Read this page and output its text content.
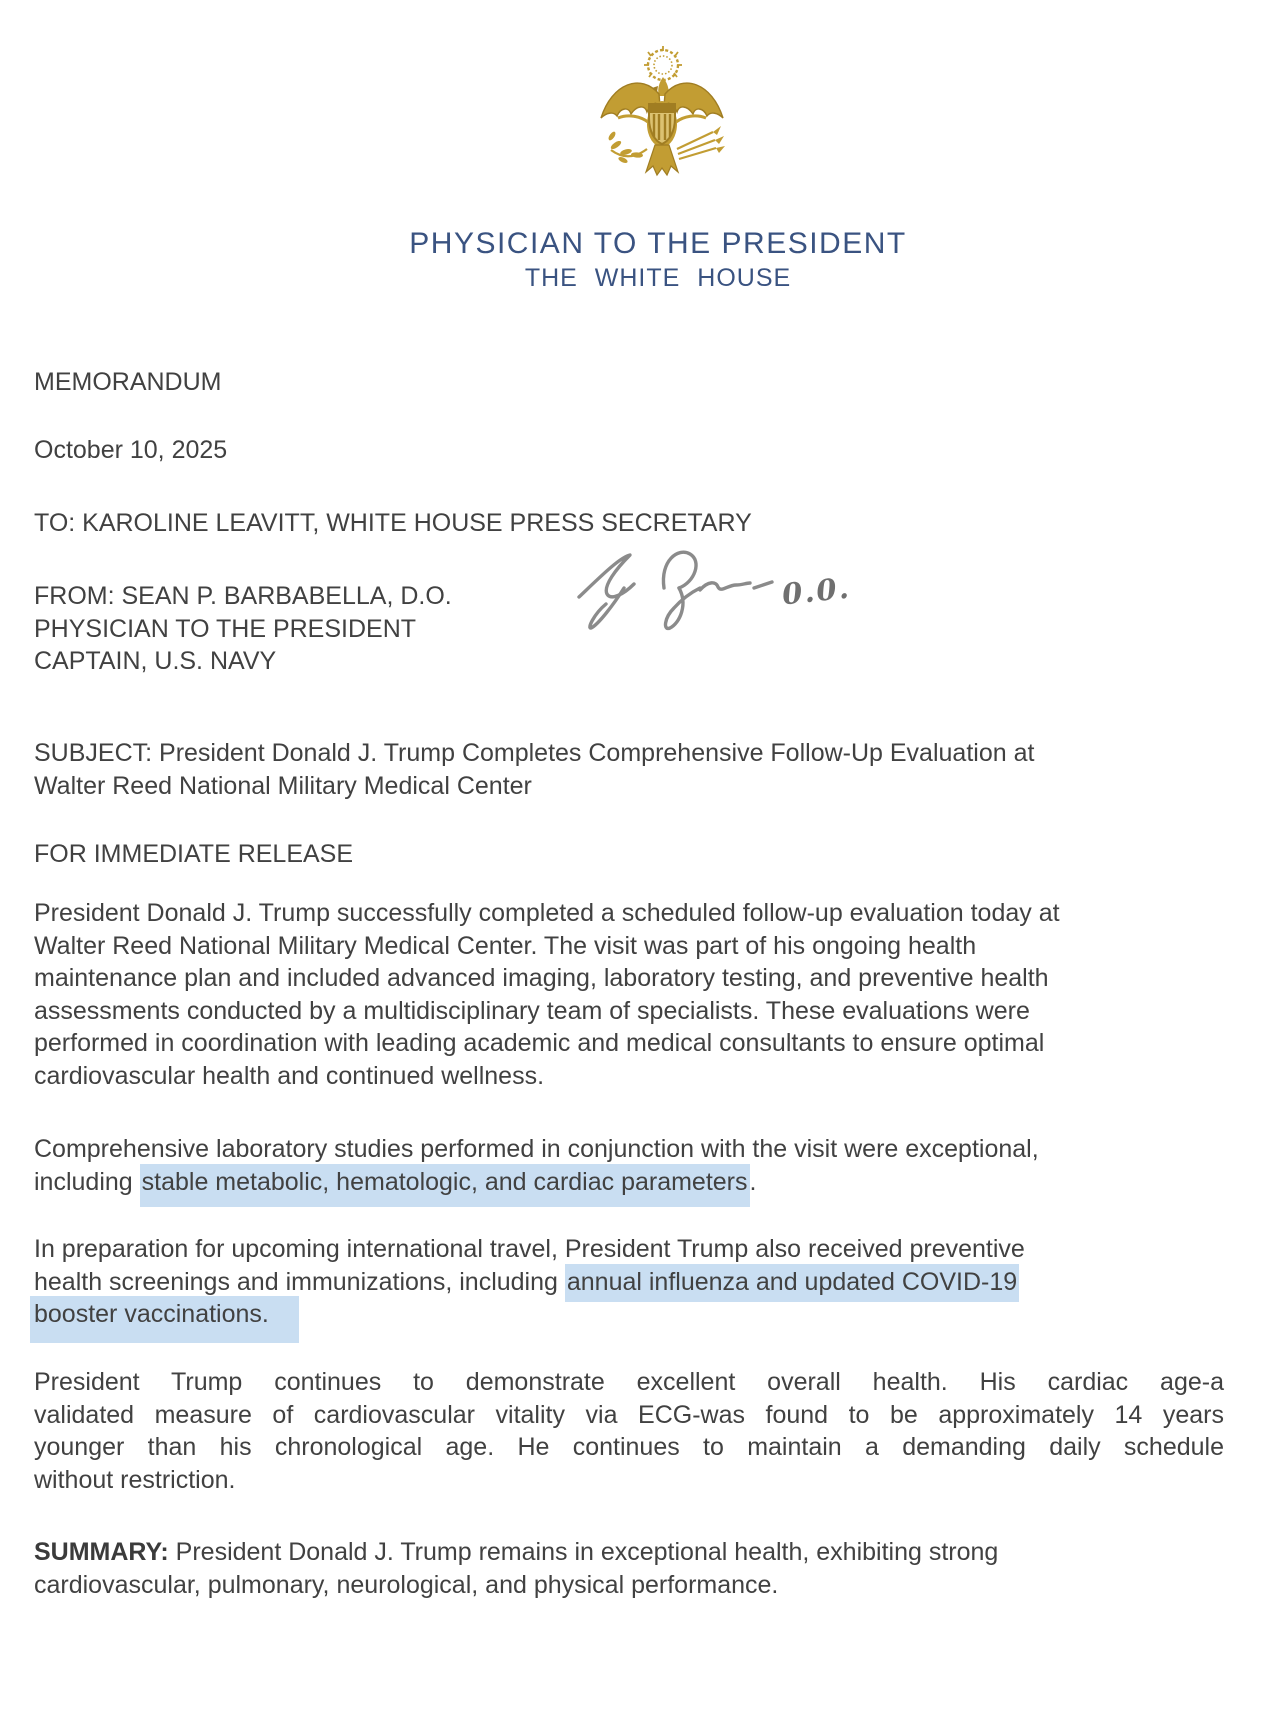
PHYSICIAN TO THE PRESIDENT
THE WHITE HOUSE
MEMORANDUM
October 10, 2025
TO: KAROLINE LEAVITT, WHITE HOUSE PRESS SECRETARY
FROM: SEAN P. BARBABELLA, D.O.
PHYSICIAN TO THE PRESIDENT
CAPTAIN, U.S. NAVY
0.0.
SUBJECT: President Donald J. Trump Completes Comprehensive Follow-Up Evaluation at
Walter Reed National Military Medical Center
FOR IMMEDIATE RELEASE
President Donald J. Trump successfully completed a scheduled follow-up evaluation today at
Walter Reed National Military Medical Center. The visit was part of his ongoing health
maintenance plan and included advanced imaging, laboratory testing, and preventive health
assessments conducted by a multidisciplinary team of specialists. These evaluations were
performed in coordination with leading academic and medical consultants to ensure optimal
cardiovascular health and continued wellness.
Comprehensive laboratory studies performed in conjunction with the visit were exceptional,
including stable metabolic, hematologic, and cardiac parameters.
In preparation for upcoming international travel, President Trump also received preventive
health screenings and immunizations, including annual influenza and updated COVID-19
booster vaccinations.
President Trump continues to demonstrate excellent overall health. His cardiac age-a
validated measure of cardiovascular vitality via ECG-was found to be approximately 14 years
younger than his chronological age. He continues to maintain a demanding daily schedule
without restriction.
SUMMARY: President Donald J. Trump remains in exceptional health, exhibiting strong
cardiovascular, pulmonary, neurological, and physical performance.
